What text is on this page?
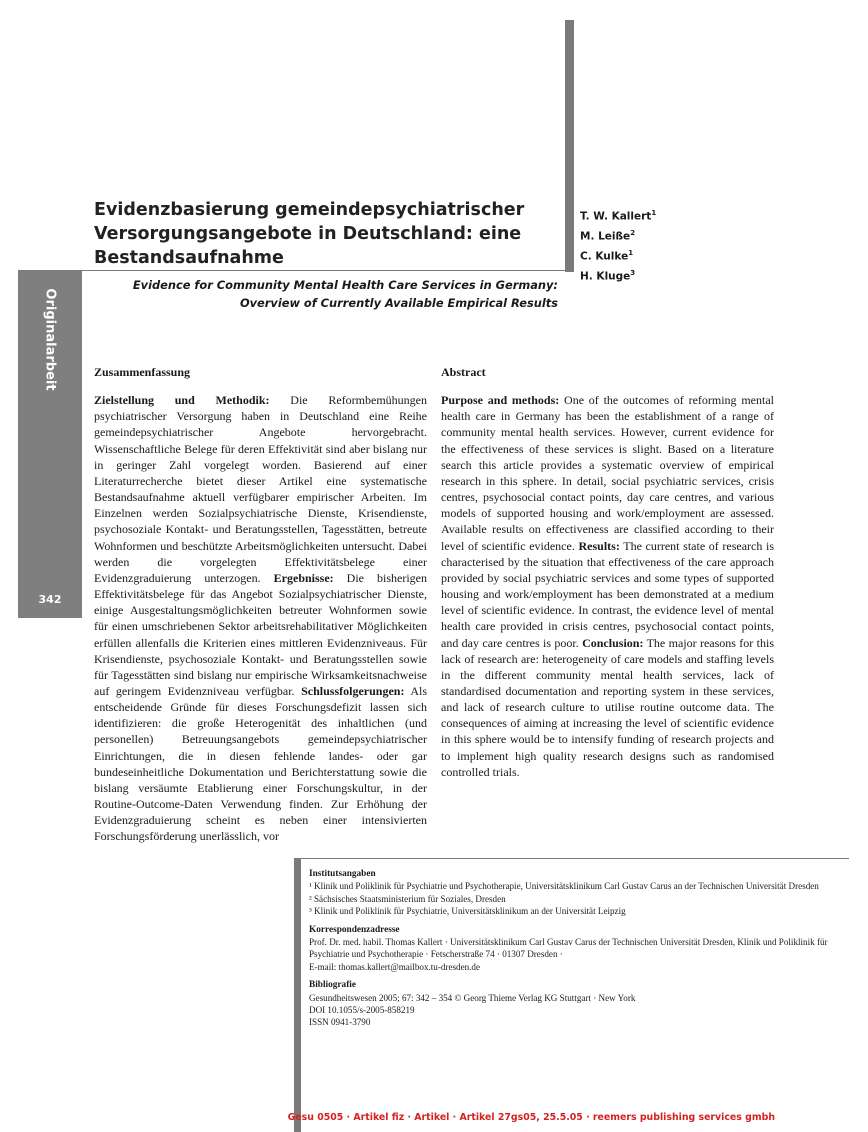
Originalarbeit
342
Evidenzbasierung gemeindepsychiatrischer Versorgungsangebote in Deutschland: eine Bestandsaufnahme

Evidence for Community Mental Health Care Services in Germany: Overview of Currently Available Empirical Results

T. W. Kallert$^1$
M. Leiße$^2$
C. Kulke$^1$
H. Kluge$^3$
Zusammenfassung

Zielstellung und Methodik: Die Reformbemühungen psychiatrischer Versorgung haben in Deutschland eine Reihe gemeindepsychiatrischer Angebote hervorgebracht. Wissenschaftliche Belege für deren Effektivität sind aber bislang nur in geringer Zahl vorgelegt worden. Basierend auf einer Literaturrecherche bietet dieser Artikel eine systematische Bestandsaufnahme aktuell verfügbarer empirischer Arbeiten. Im Einzelnen werden Sozialpsychiatrische Dienste, Krisendienste, psychosoziale Kontakt- und Beratungsstellen, Tagesstätten, betreute Wohnformen und beschützte Arbeitsmöglichkeiten untersucht. Dabei werden die vorgelegten Effektivitätsbelege einer Evidenzgraduierung unterzogen. Ergebnisse: Die bisherigen Effektivitätsbelege für das Angebot Sozialpsychiatrischer Dienste, einige Ausgestaltungsmöglichkeiten betreuter Wohnformen sowie für einen umschriebenen Sektor arbeitsrehabilitativer Möglichkeiten erfüllen allenfalls die Kriterien eines mittleren Evidenzniveaus. Für Krisendienste, psychosoziale Kontakt- und Beratungsstellen sowie für Tagesstätten sind bislang nur empirische Wirksamkeitsnachweise auf geringem Evidenzniveau verfügbar. Schlussfolgerungen: Als entscheidende Gründe für dieses Forschungsdefizit lassen sich identifizieren: die große Heterogenität des inhaltlichen (und personellen) Betreuungsangebots gemeindepsychiatrischer Einrichtungen, die in diesen fehlende landes- oder gar bundeseinheitliche Dokumentation und Berichterstattung sowie die bislang versäumte Etablierung einer Forschungskultur, in der Routine-Outcome-Daten Verwendung finden. Zur Erhöhung der Evidenzgraduierung scheint es neben einer intensivierten Forschungsförderung unerlässlich, vor

Abstract

Purpose and methods: One of the outcomes of reforming mental health care in Germany has been the establishment of a range of community mental health services. However, current evidence for the effectiveness of these services is slight. Based on a literature search this article provides a systematic overview of empirical research in this sphere. In detail, social psychiatric services, crisis centres, psychosocial contact points, day care centres, and various models of supported housing and work/employment are assessed. Available results on effectiveness are classified according to their level of scientific evidence. Results: The current state of research is characterised by the situation that effectiveness of the care approach provided by social psychiatric services and some types of supported housing and work/employment has been demonstrated at a medium level of scientific evidence. In contrast, the evidence level of mental health care provided in crisis centres, psychosocial contact points, and day care centres is poor. Conclusion: The major reasons for this lack of research are: heterogeneity of care models and staffing levels in the different community mental health services, lack of standardised documentation and reporting system in these services, and lack of research culture to utilise routine outcome data. The consequences of aiming at increasing the level of scientific evidence in this sphere would be to intensify funding of research projects and to implement high quality research designs such as randomised controlled trials.

Institutsangaben
¹ Klinik und Poliklinik für Psychiatrie und Psychotherapie, Universitätsklinikum Carl Gustav Carus an der Technischen Universität Dresden
² Sächsisches Staatsministerium für Soziales, Dresden
³ Klinik und Poliklinik für Psychiatrie, Universitätsklinikum an der Universität Leipzig
Korrespondenzadresse
Prof. Dr. med. habil. Thomas Kallert · Universitätsklinikum Carl Gustav Carus der Technischen Universität Dresden, Klinik und Poliklinik für Psychiatrie und Psychotherapie · Fetscherstraße 74 · 01307 Dresden ·
E-mail: thomas.kallert@mailbox.tu-dresden.de
Bibliografie
Gesundheitswesen 2005; 67: 342 – 354 © Georg Thieme Verlag KG Stuttgart · New York
DOI 10.1055/s-2005-858219
ISSN 0941-3790

Gesu 0505 · Artikel fiz · Artikel · Artikel 27gs05, 25.5.05 · reemers publishing services gmbh
